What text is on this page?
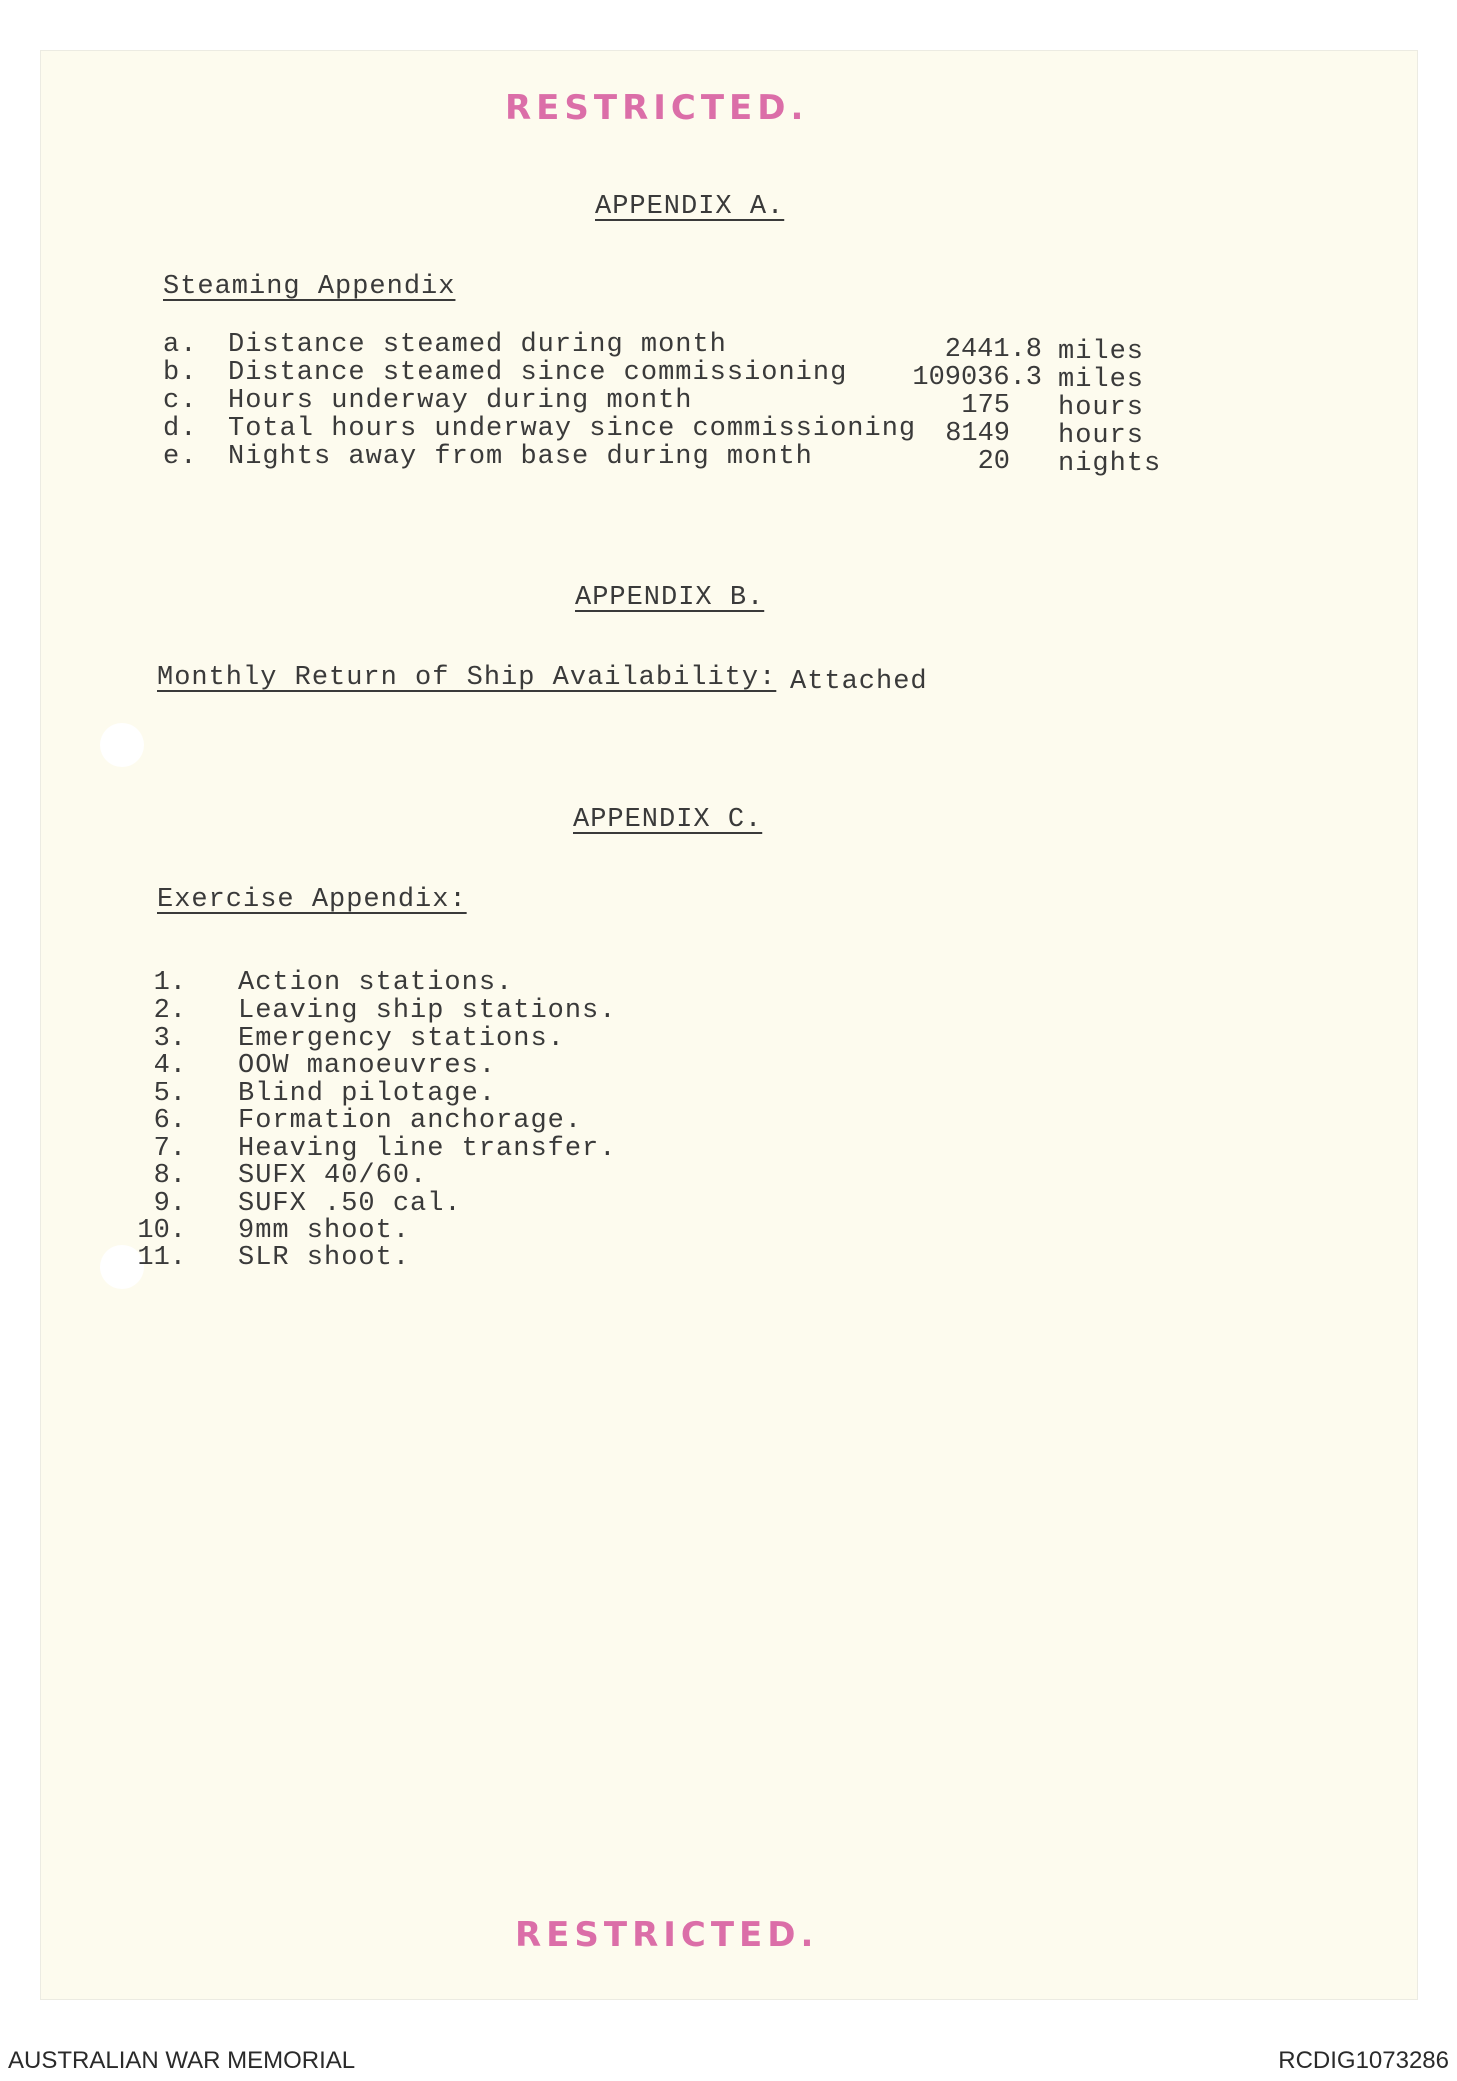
RESTRICTED.
RESTRICTED.
APPENDIX A.
Steaming Appendix
a. Distance steamed during month	2441.8 miles
b. Distance steamed since commissioning	109036.3 miles
c. Hours underway during month	175 hours
d. Total hours underway since commissioning	8149 hours
e. Nights away from base during month	20 nights
APPENDIX B.
Monthly Return of Ship Availability: Attached
APPENDIX C.
Exercise Appendix:
1. Action stations.
2. Leaving ship stations.
3. Emergency stations.
4. OOW manoeuvres.
5. Blind pilotage.
6. Formation anchorage.
7. Heaving line transfer.
8. SUFX 40/60.
9. SUFX .50 cal.
10. 9mm shoot.
11. SLR shoot.
AUSTRALIAN WAR MEMORIAL	RCDIG1073286
